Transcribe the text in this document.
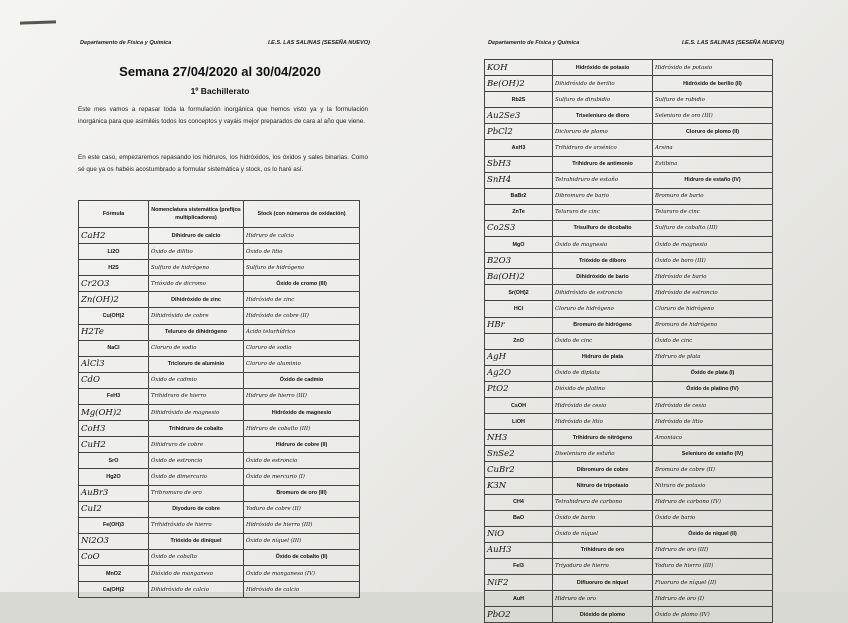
Departamento de Física y Química	I.E.S. LAS SALINAS (SESEÑA NUEVO)
Semana 27/04/2020 al 30/04/2020
1º Bachillerato

Este mes vamos a repasar toda la formulación inorgánica que hemos visto ya y la formulación inorgánica para que asimiléis todos los conceptos y vayáis mejor preparados de cara al año que viene.

En este caso, empezaremos repasando los hidruros, los hidróxidos, los óxidos y sales binarias. Como sé que ya os habéis acostumbrado a formular sistemática y stock, os lo haré así.

Fórmula	Nomenclatura sistemática (prefijos multiplicadores)	Stock (con números de oxidación)
CaH2	Dihidruro de calcio	Hidruro de calcio
Li2O	Óxido de dilitio	Óxido de litio
H2S	Sulfuro de hidrógeno	Sulfuro de hidrógeno
Cr2O3	Trióxido de dicromo	Óxido de cromo (III)
Zn(OH)2	Dihidróxido de zinc	Hidróxido de zinc
Cu(OH)2	Dihidróxido de cobre	Hidróxido de cobre (II)
H2Te	Telururo de dihidrógeno	Ácido telurhídrico
NaCl	Cloruro de sodio	Cloruro de sodio
AlCl3	Tricloruro de aluminio	Cloruro de aluminio
CdO	Óxido de cadmio	Óxido de cadmio
FeH3	Trihidruro de hierro	Hidruro de hierro (III)
Mg(OH)2	Dihidróxido de magnesio	Hidróxido de magnesio
CoH3	Trihidruro de cobalto	Hidruro de cobalto (III)
CuH2	Dihidruro de cobre	Hidruro de cobre (II)
SrO	Óxido de estroncio	Óxido de estroncio
Hg2O	Óxido de dimercurio	Óxido de mercurio (I)
AuBr3	Tribromuro de oro	Bromuro de oro (III)
CuI2	Diyoduro de cobre	Yoduro de cobre (II)
Fe(OH)3	Trihidróxido de hierro	Hidróxido de hierro (III)
Ni2O3	Trióxido de diníquel	Óxido de níquel (III)
CoO	Óxido de cobalto	Óxido de cobalto (II)
MnO2	Dióxido de manganeso	Óxido de manganeso (IV)
Ca(OH)2	Dihidróxido de calcio	Hidróxido de calcio
Departamento de Física y Química	I.E.S. LAS SALINAS (SESEÑA NUEVO)
KOH	Hidróxido de potasio	Hidróxido de potasio
Be(OH)2	Dihidróxido de berilio	Hidróxido de berilio (II)
Rb2S	Sulfuro de dirubidio	Sulfuro de rubidio
Au2Se3	Triseleniuro de dioro	Seleniuro de oro (III)
PbCl2	Dicloruro de plomo	Cloruro de plomo (II)
AsH3	Trihidruro de arsénico	Arsina
SbH3	Trihidruro de antimonio	Estibina
SnH4	Tetrahidruro de estaño	Hidruro de estaño (IV)
BaBr2	Dibromuro de bario	Bromuro de bario
ZnTe	Telururo de cinc	Telururo de cinc
Co2S3	Trisulfuro de dicobalto	Sulfuro de cobalto (III)
MgO	Óxido de magnesio	Óxido de magnesio
B2O3	Trióxido de diboro	Óxido de boro (III)
Ba(OH)2	Dihidróxido de bario	Hidróxido de bario
Sr(OH)2	Dihidróxido de estroncio	Hidróxido de estroncio
HCl	Cloruro de hidrógeno	Cloruro de hidrógeno
HBr	Bromuro de hidrógeno	Bromuro de hidrógeno
ZnO	Óxido de cinc	Óxido de cinc
AgH	Hidruro de plata	Hidruro de plata
Ag2O	Óxido de diplata	Óxido de plata (I)
PtO2	Dióxido de platino	Óxido de platino (IV)
CsOH	Hidróxido de cesio	Hidróxido de cesio
LiOH	Hidróxido de litio	Hidróxido de litio
NH3	Trihidruro de nitrógeno	Amoniaco
SnSe2	Diseleniuro de estaño	Seleniuro de estaño (IV)
CuBr2	Dibromuro de cobre	Bromuro de cobre (II)
K3N	Nitruro de tripotasio	Nitruro de potasio
CH4	Tetrahidruro de carbono	Hidruro de carbono (IV)
BaO	Óxido de bario	Óxido de bario
NiO	Óxido de níquel	Óxido de níquel (II)
AuH3	Trihidruro de oro	Hidruro de oro (III)
FeI3	Triyoduro de hierro	Yoduro de hierro (III)
NiF2	Difluoruro de níquel	Fluoruro de níquel (II)
AuH	Hidruro de oro	Hidruro de oro (I)
PbO2	Dióxido de plomo	Óxido de plomo (IV)
